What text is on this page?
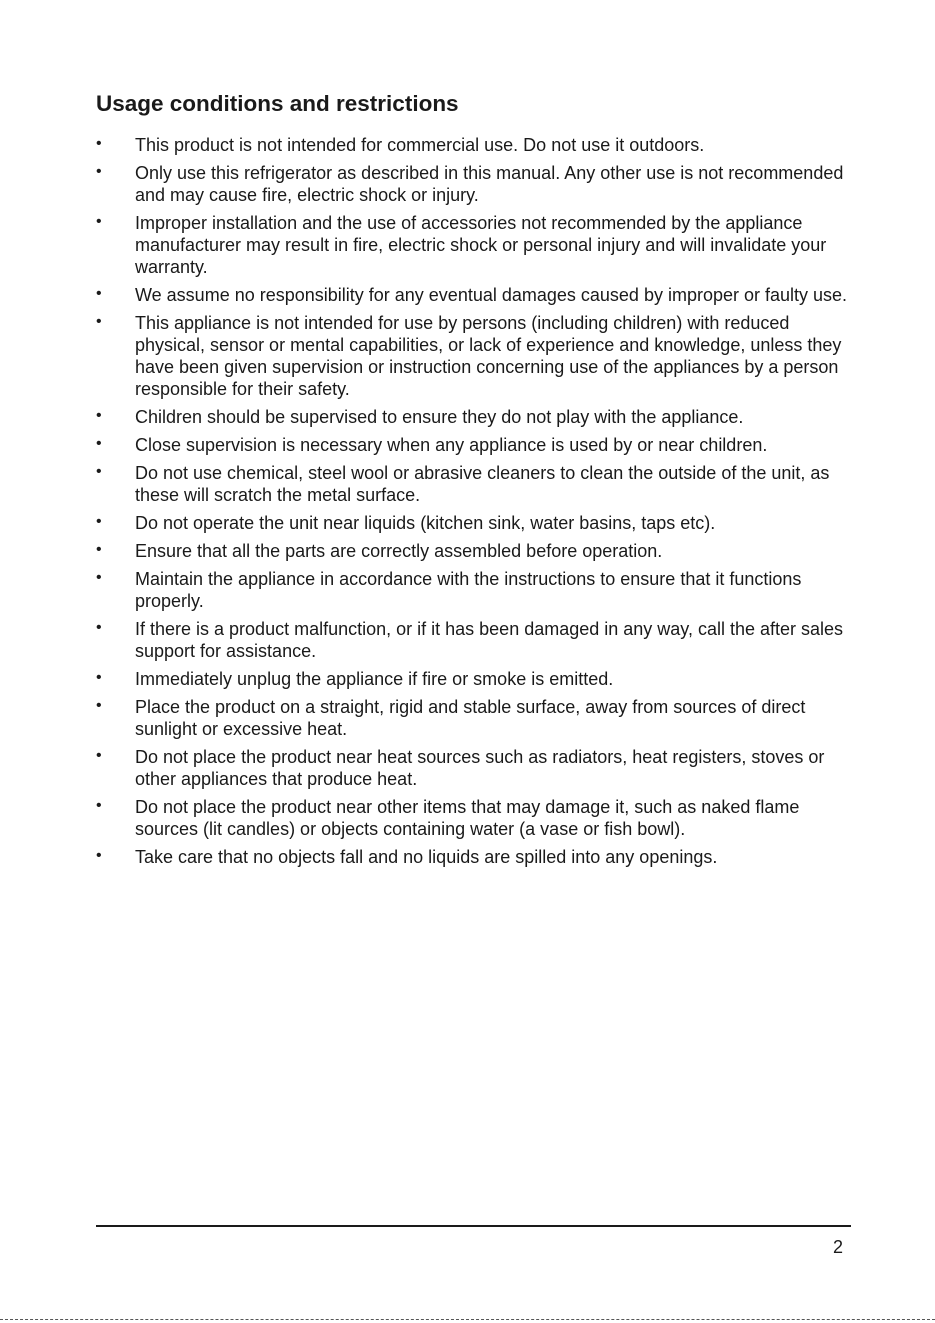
Usage conditions and restrictions
•	This product is not intended for commercial use. Do not use it outdoors.
•	Only use this refrigerator as described in this manual. Any other use is not recommended and may cause fire, electric shock or injury.
•	Improper installation and the use of accessories not recommended by the appliance manufacturer may result in fire, electric shock or personal injury and will invalidate your warranty.
•	We assume no responsibility for any eventual damages caused by improper or faulty use.
•	This appliance is not intended for use by persons (including children) with reduced physical, sensor or mental capabilities, or lack of experience and knowledge, unless they have been given supervision or instruction concerning use of the appliances by a person responsible for their safety.
•	Children should be supervised to ensure they do not play with the appliance.
•	Close supervision is necessary when any appliance is used by or near children.
•	Do not use chemical, steel wool or abrasive cleaners to clean the outside of the unit, as these will scratch the metal surface.
•	Do not operate the unit near liquids (kitchen sink, water basins, taps etc).
•	Ensure that all the parts are correctly assembled before operation.
•	Maintain the appliance in accordance with the instructions to ensure that it functions properly.
•	If there is a product malfunction, or if it has been damaged in any way, call the after sales support for assistance.
•	Immediately unplug the appliance if fire or smoke is emitted.
•	Place the product on a straight, rigid and stable surface, away from sources of direct sunlight or excessive heat.
•	Do not place the product near heat sources such as radiators, heat registers, stoves or other appliances that produce heat.
•	Do not place the product near other items that may damage it, such as naked flame sources (lit candles) or objects containing water (a vase or fish bowl).
•	Take care that no objects fall and no liquids are spilled into any openings.
2
